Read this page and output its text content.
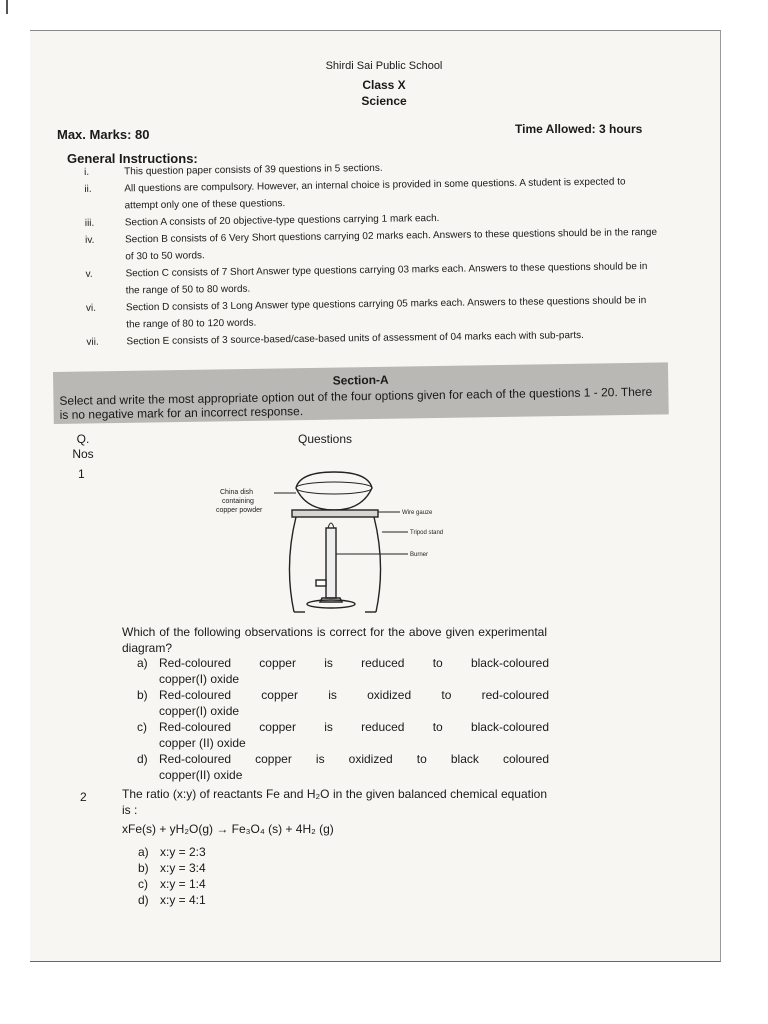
Shirdi Sai Public School
Class X
Science
Max. Marks: 80	Time Allowed: 3 hours
General Instructions:
i.	This question paper consists of 39 questions in 5 sections.
ii.	All questions are compulsory. However, an internal choice is provided in some questions. A student is expected to attempt only one of these questions.
iii.	Section A consists of 20 objective-type questions carrying 1 mark each.
iv.	Section B consists of 6 Very Short questions carrying 02 marks each. Answers to these questions should be in the range of 30 to 50 words.
v.	Section C consists of 7 Short Answer type questions carrying 03 marks each. Answers to these questions should be in the range of 50 to 80 words.
vi.	Section D consists of 3 Long Answer type questions carrying 05 marks each. Answers to these questions should be in the range of 80 to 120 words.
vii.	Section E consists of 3 source-based/case-based units of assessment of 04 marks each with sub-parts.
Section-A
Select and write the most appropriate option out of the four options given for each of the questions 1 - 20. There is no negative mark for an incorrect response.
Q.
Nos
Questions
1
China dish
containing
copper powder	Wire gauze
Tripod stand
Burner
Which of the following observations is correct for the above given experimental diagram?
a) Red-coloured copper is reduced to black-coloured
copper(I) oxide
b) Red-coloured copper is oxidized to red-coloured
copper(I) oxide
c)	Red-coloured copper is reduced to black-coloured
copper (II) oxide
d) Red-coloured copper is oxidized to black coloured
copper(II) oxide
2	The ratio (x:y) of reactants Fe and H₂O in the given balanced chemical equation is :
xFe(s) + yH₂O(g) → Fe₃O₄ (s) + 4H₂ (g)
a) x:y = 2:3
b) x:y = 3:4
c)	x:y = 1:4
d) x:y = 4:1
